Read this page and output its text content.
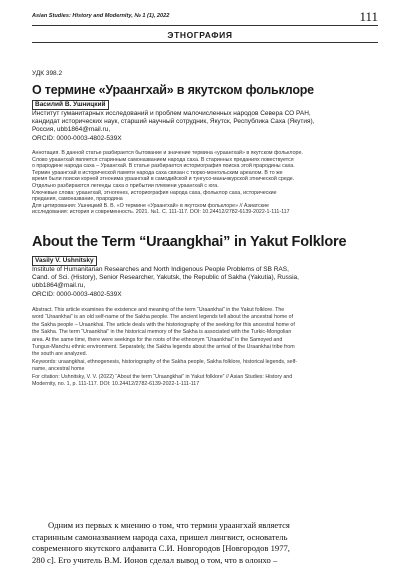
Asian Studies: History and Modernity, № 1 (1), 2022	111
ЭТНОГРАФИЯ
УДК 398.2
О термине «Ураангхай» в якутском фольклоре
Василий В. Ушницкий
Институт гуманитарных исследований и проблем малочисленных народов Севера СО РАН,
кандидат исторических наук, старший научный сотрудник, Якутск, Республика Саха (Якутия),
Россия, ubb1864@mail.ru,
ORCID: 0000-0003-4802-539X
Аннотация. В данной статье разбирается бытование и значение термина «ураангхай» в якутском фольклоре.
Слово ураангхай является старинным самоназванием народа саха. В старинных преданиях повествуется
о прародине народа саха – Ураангхай. В статье разбирается историография поиска этой прародины саха.
Термин ураангхай в исторической памяти народа саха связан с тюрко-монгольским ареалом. В то же
время были поиски корней этнонима ураангхай в самодийской и тунгусо-маньчжурской этнической среде.
Отдельно разбираются легенды саха о прибытии племени ураангхай с юга.
Ключевые слова: ураангхай, этногенез, историография народа саха, фольклор саха, исторические
предания, самоназвание, прародина
Для цитирования: Ушницкий В. В. «О термине «Ураангхай» в якутском фольклоре» // Азиатские
исследования: история и современность. 2021. №1. С. 111-117. DOI: 10.24412/2782-6139-2022-1-111-117
About the Term “Uraangkhai” in Yakut Folklore
Vasily V. Ushnitsky
Institute of Humanitarian Researches and North Indigenous People Problems of SB RAS,
Cand. of Sci. (History), Senior Researcher, Yakutsk, the Republic of Sakha (Yakutia), Russia,
ubb1864@mail.ru,
ORCID: 0000-0003-4802-539X
Abstract. This article examines the existence and meaning of the term “Uraankhai” in the Yakut folklore. The
word “Uraankhai” is an old self-name of the Sakha people. The ancient legends tell about the ancestral home of
the Sakha people – Uraankhai. The article deals with the historiography of the seeking for this ancestral home of
the Sakha. The term “Uraankhai” in the historical memory of the Sakha is associated with the Turkic-Mongolian
area. At the same time, there were seekings for the roots of the ethnonym “Uraankhai” in the Samoyed and
Tungus-Manchu ethnic environment. Separately, the Sakha legends about the arrival of the Uraankhai tribe from
the south are analyzed.
Keywords: uraangkhai, ethnogenesis, historiography of the Sakha people, Sakha folklore, historical legends, self-
name, ancestral home
For citation: Ushnitsky, V. V. (2022) “About the term “Uraangkhai” in Yakut folklore” // Asian Studies: History and
Modernity, no. 1, p. 111-117. DOI: 10.24412/2782-6139-2022-1-111-117
Одним из первых к мнению о том, что термин ураангхай является
старинным самоназванием народа саха, пришел лингвист, основатель
современного якутского алфавита С.И. Новгородов [Новгородов 1977,
280 с]. Его учитель В.М. Ионов сделал вывод о том, что в олонхо –
